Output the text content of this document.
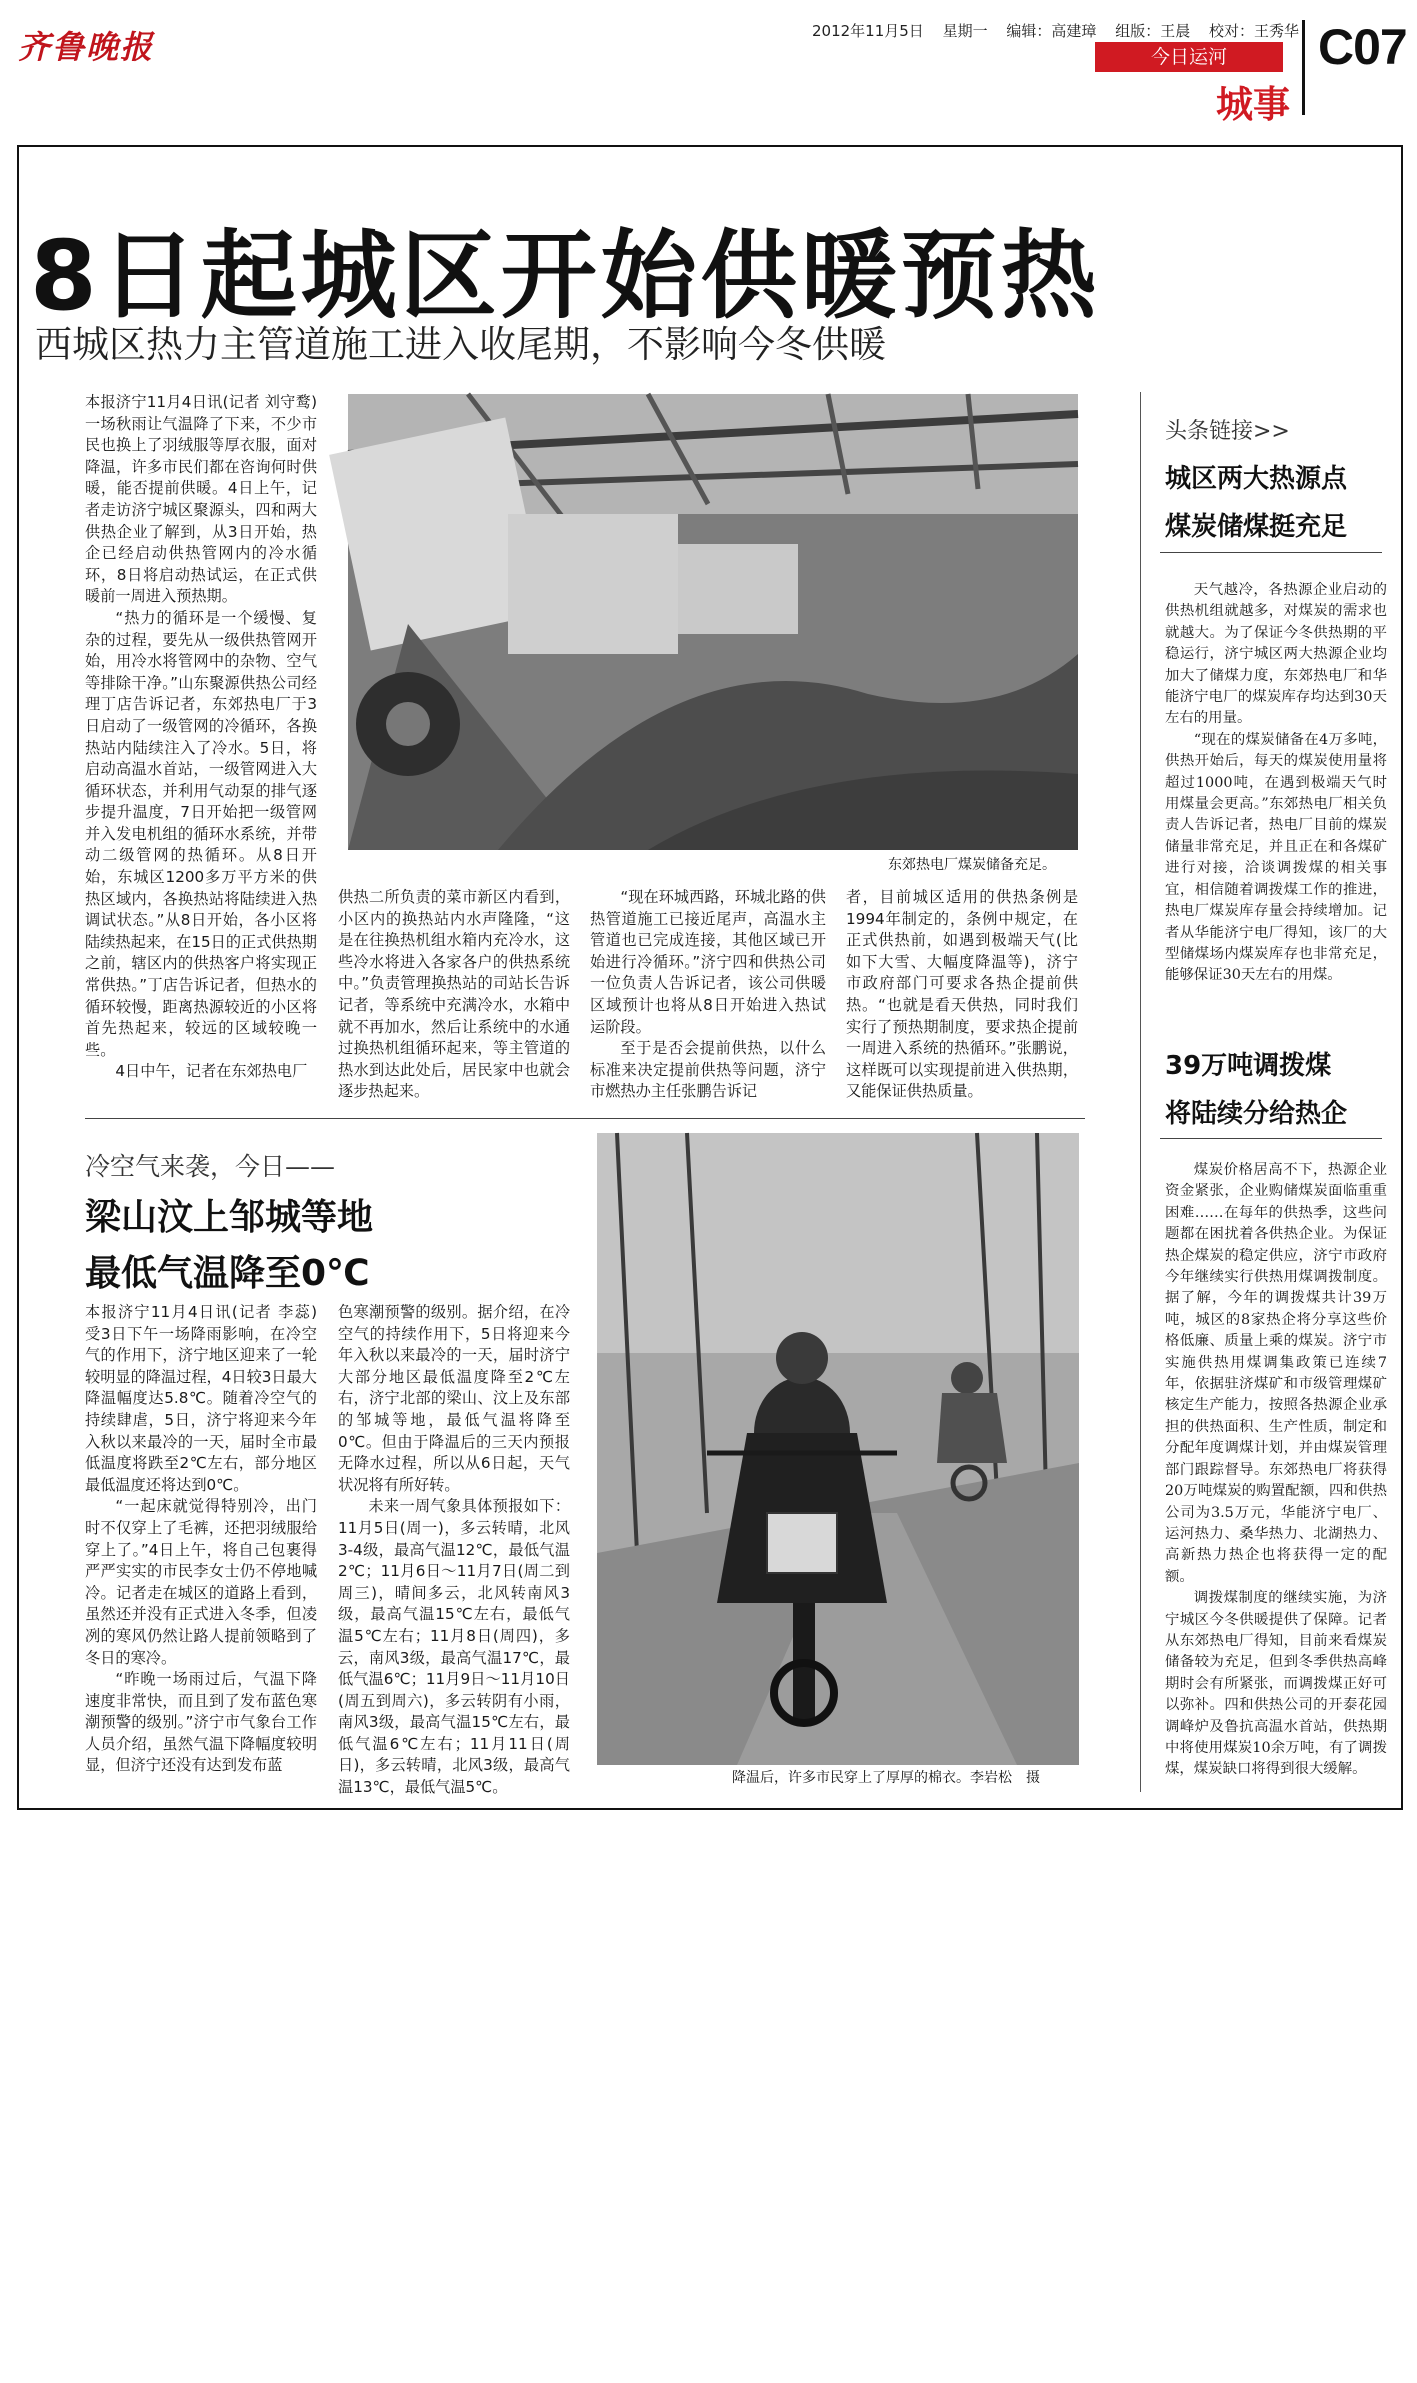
齐鲁晚报	2012年11月5日 星期一 编辑：高建璋 组版：王晨 校对：王秀华
今日运河
城事
C07
8日起城区开始供暖预热
西城区热力主管道施工进入收尾期，不影响今冬供暖

本报济宁11月4日讯(记者 刘守鹜)　一场秋雨让气温降了下来，不少市民也换上了羽绒服等厚衣服，面对降温，许多市民们都在咨询何时供暖，能否提前供暖。4日上午，记者走访济宁城区聚源头，四和两大供热企业了解到，从3日开始，热企已经启动供热管网内的冷水循环，8日将启动热试运，在正式供暖前一周进入预热期。

“热力的循环是一个缓慢、复杂的过程，要先从一级供热管网开始，用冷水将管网中的杂物、空气等排除干净。”山东聚源供热公司经理丁店告诉记者，东郊热电厂于3日启动了一级管网的冷循环，各换热站内陆续注入了冷水。5日，将启动高温水首站，一级管网进入大循环状态，并利用气动泵的排气逐步提升温度，7日开始把一级管网并入发电机组的循环水系统，并带动二级管网的热循环。从8日开始，东城区1200多万平方米的供热区域内，各换热站将陆续进入热调试状态。”从8日开始，各小区将陆续热起来，在15日的正式供热期之前，辖区内的供热客户将实现正常供热。”丁店告诉记者，但热水的循环较慢，距离热源较近的小区将首先热起来，较远的区域较晚一些。

4日中午，记者在东郊热电厂

东郊热电厂煤炭储备充足。

供热二所负责的菜市新区内看到，小区内的换热站内水声隆隆，“这是在往换热机组水箱内充冷水，这些冷水将进入各家各户的供热系统中。”负责管理换热站的司站长告诉记者，等系统中充满冷水，水箱中就不再加水，然后让系统中的水通过换热机组循环起来，等主管道的热水到达此处后，居民家中也就会逐步热起来。

“现在环城西路，环城北路的供热管道施工已接近尾声，高温水主管道也已完成连接，其他区域已开始进行冷循环。”济宁四和供热公司一位负责人告诉记者，该公司供暖区域预计也将从8日开始进入热试运阶段。

至于是否会提前供热，以什么标准来决定提前供热等问题，济宁市燃热办主任张鹏告诉记

者，目前城区适用的供热条例是1994年制定的，条例中规定，在正式供热前，如遇到极端天气(比如下大雪、大幅度降温等)，济宁市政府部门可要求各热企提前供热。“也就是看天供热，同时我们实行了预热期制度，要求热企提前一周进入系统的热循环。”张鹏说，这样既可以实现提前进入供热期，又能保证供热质量。

头条链接>>
城区两大热源点
煤炭储煤挺充足

天气越冷，各热源企业启动的供热机组就越多，对煤炭的需求也就越大。为了保证今冬供热期的平稳运行，济宁城区两大热源企业均加大了储煤力度，东郊热电厂和华能济宁电厂的煤炭库存均达到30天左右的用量。

“现在的煤炭储备在4万多吨，供热开始后，每天的煤炭使用量将超过1000吨，在遇到极端天气时用煤量会更高。”东郊热电厂相关负责人告诉记者，热电厂目前的煤炭储量非常充足，并且正在和各煤矿进行对接，洽谈调拨煤的相关事宜，相信随着调拨煤工作的推进，热电厂煤炭库存量会持续增加。记者从华能济宁电厂得知，该厂的大型储煤场内煤炭库存也非常充足，能够保证30天左右的用煤。

39万吨调拨煤
将陆续分给热企

煤炭价格居高不下，热源企业资金紧张，企业购储煤炭面临重重困难……在每年的供热季，这些问题都在困扰着各供热企业。为保证热企煤炭的稳定供应，济宁市政府今年继续实行供热用煤调拨制度。据了解，今年的调拨煤共计39万吨，城区的8家热企将分享这些价格低廉、质量上乘的煤炭。济宁市实施供热用煤调集政策已连续7年，依据驻济煤矿和市级管理煤矿核定生产能力，按照各热源企业承担的供热面积、生产性质，制定和分配年度调煤计划，并由煤炭管理部门跟踪督导。东郊热电厂将获得20万吨煤炭的购置配额，四和供热公司为3.5万元，华能济宁电厂、运河热力、桑华热力、北湖热力、高新热力热企也将获得一定的配额。

调拨煤制度的继续实施，为济宁城区今冬供暖提供了保障。记者从东郊热电厂得知，目前来看煤炭储备较为充足，但到冬季供热高峰期时会有所紧张，而调拨煤正好可以弥补。四和供热公司的开泰花园调峰炉及鲁抗高温水首站，供热期中将使用煤炭10余万吨，有了调拨煤，煤炭缺口将得到很大缓解。

冷空气来袭，今日——
梁山汶上邹城等地
最低气温降至0℃

本报济宁11月4日讯(记者 李蕊)　受3日下午一场降雨影响，在冷空气的作用下，济宁地区迎来了一轮较明显的降温过程，4日较3日最大降温幅度达5.8℃。随着冷空气的持续肆虐，5日，济宁将迎来今年入秋以来最冷的一天，届时全市最低温度将跌至2℃左右，部分地区最低温度还将达到0℃。

“一起床就觉得特别冷，出门时不仅穿上了毛裤，还把羽绒服给穿上了。”4日上午，将自己包裹得严严实实的市民李女士仍不停地喊冷。记者走在城区的道路上看到，虽然还并没有正式进入冬季，但凌冽的寒风仍然让路人提前领略到了冬日的寒冷。

“昨晚一场雨过后，气温下降速度非常快，而且到了发布蓝色寒潮预警的级别。”济宁市气象台工作人员介绍，虽然气温下降幅度较明显，但济宁还没有达到发布蓝

色寒潮预警的级别。据介绍，在冷空气的持续作用下，5日将迎来今年入秋以来最冷的一天，届时济宁大部分地区最低温度降至2℃左右，济宁北部的梁山、汶上及东部的邹城等地，最低气温将降至0℃。但由于降温后的三天内预报无降水过程，所以从6日起，天气状况将有所好转。

未来一周气象具体预报如下：11月5日(周一)，多云转晴，北风3-4级，最高气温12℃，最低气温2℃；11月6日～11月7日(周二到周三)，晴间多云，北风转南风3级，最高气温15℃左右，最低气温5℃左右；11月8日(周四)，多云，南风3级，最高气温17℃，最低气温6℃；11月9日～11月10日(周五到周六)，多云转阴有小雨，南风3级，最高气温15℃左右，最低气温6℃左右；11月11日(周日)，多云转晴，北风3级，最高气温13℃，最低气温5℃。

降温后，许多市民穿上了厚厚的棉衣。李岩松　摄
